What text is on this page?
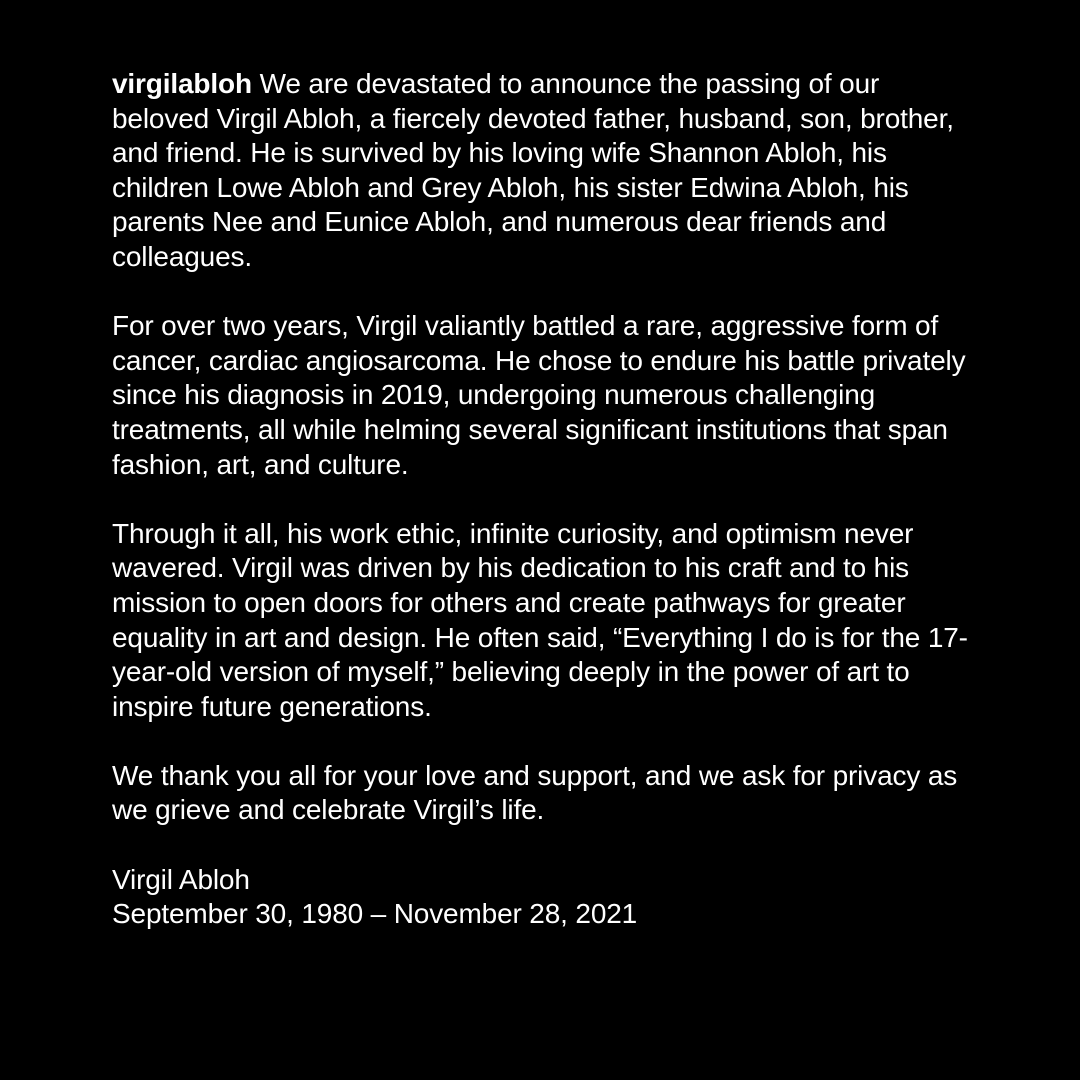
virgilabloh We are devastated to announce the passing of our beloved Virgil Abloh, a fiercely devoted father, husband, son, brother, and friend. He is survived by his loving wife Shannon Abloh, his children Lowe Abloh and Grey Abloh, his sister Edwina Abloh, his parents Nee and Eunice Abloh, and numerous dear friends and colleagues.

For over two years, Virgil valiantly battled a rare, aggressive form of cancer, cardiac angiosarcoma. He chose to endure his battle privately since his diagnosis in 2019, undergoing numerous challenging treatments, all while helming several significant institutions that span fashion, art, and culture.

Through it all, his work ethic, infinite curiosity, and optimism never wavered. Virgil was driven by his dedication to his craft and to his mission to open doors for others and create pathways for greater equality in art and design. He often said, “Everything I do is for the 17-year-old version of myself,” believing deeply in the power of art to inspire future generations.

We thank you all for your love and support, and we ask for privacy as we grieve and celebrate Virgil’s life.

Virgil Abloh
September 30, 1980 – November 28, 2021
